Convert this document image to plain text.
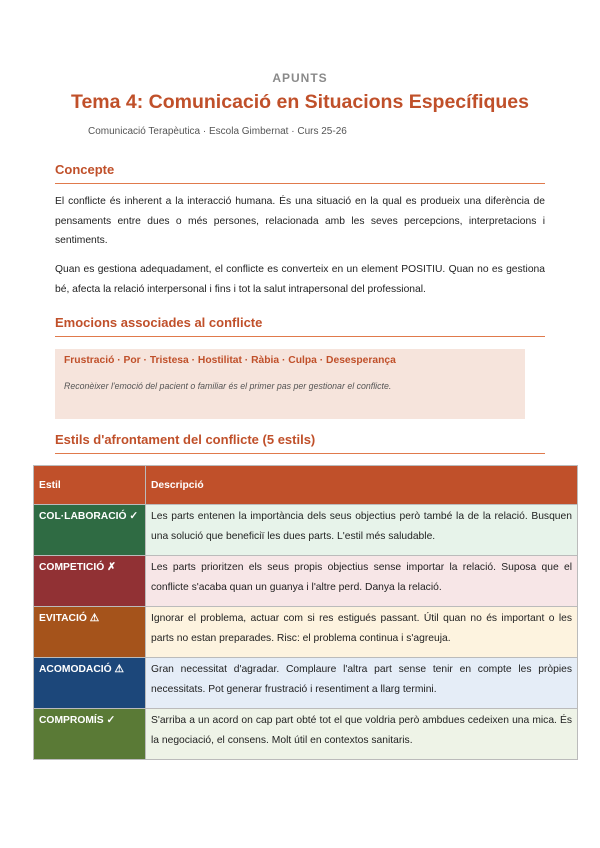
APUNTS
Tema 4: Comunicació en Situacions Específiques
Comunicació Terapèutica · Escola Gimbernat · Curs 25-26
Concepte
El conflicte és inherent a la interacció humana. És una situació en la qual es produeix una diferència de pensaments entre dues o més persones, relacionada amb les seves percepcions, interpretacions i sentiments.
Quan es gestiona adequadament, el conflicte es converteix en un element POSITIU. Quan no es gestiona bé, afecta la relació interpersonal i fins i tot la salut intrapersonal del professional.
Emocions associades al conflicte
Frustració · Por · Tristesa · Hostilitat · Ràbia · Culpa · Desesperança
Reconèixer l'emoció del pacient o familiar és el primer pas per gestionar el conflicte.
Estils d'afrontament del conflicte (5 estils)
Estil	Descripció
COL·LABORACIÓ ✓	Les parts entenen la importància dels seus objectius però també la de la relació. Busquen una solució que beneficiï les dues parts. L'estil més saludable.
COMPETICIÓ ✗	Les parts prioritzen els seus propis objectius sense importar la relació. Suposa que el conflicte s'acaba quan un guanya i l'altre perd. Danya la relació.
EVITACIÓ ⚠	Ignorar el problema, actuar com si res estigués passant. Útil quan no és important o les parts no estan preparades. Risc: el problema continua i s'agreuja.
ACOMODACIÓ ⚠	Gran necessitat d'agradar. Complaure l'altra part sense tenir en compte les pròpies necessitats. Pot generar frustració i resentiment a llarg termini.
COMPROMÍS ✓	S'arriba a un acord on cap part obté tot el que voldria però ambdues cedeixen una mica. És la negociació, el consens. Molt útil en contextos sanitaris.
